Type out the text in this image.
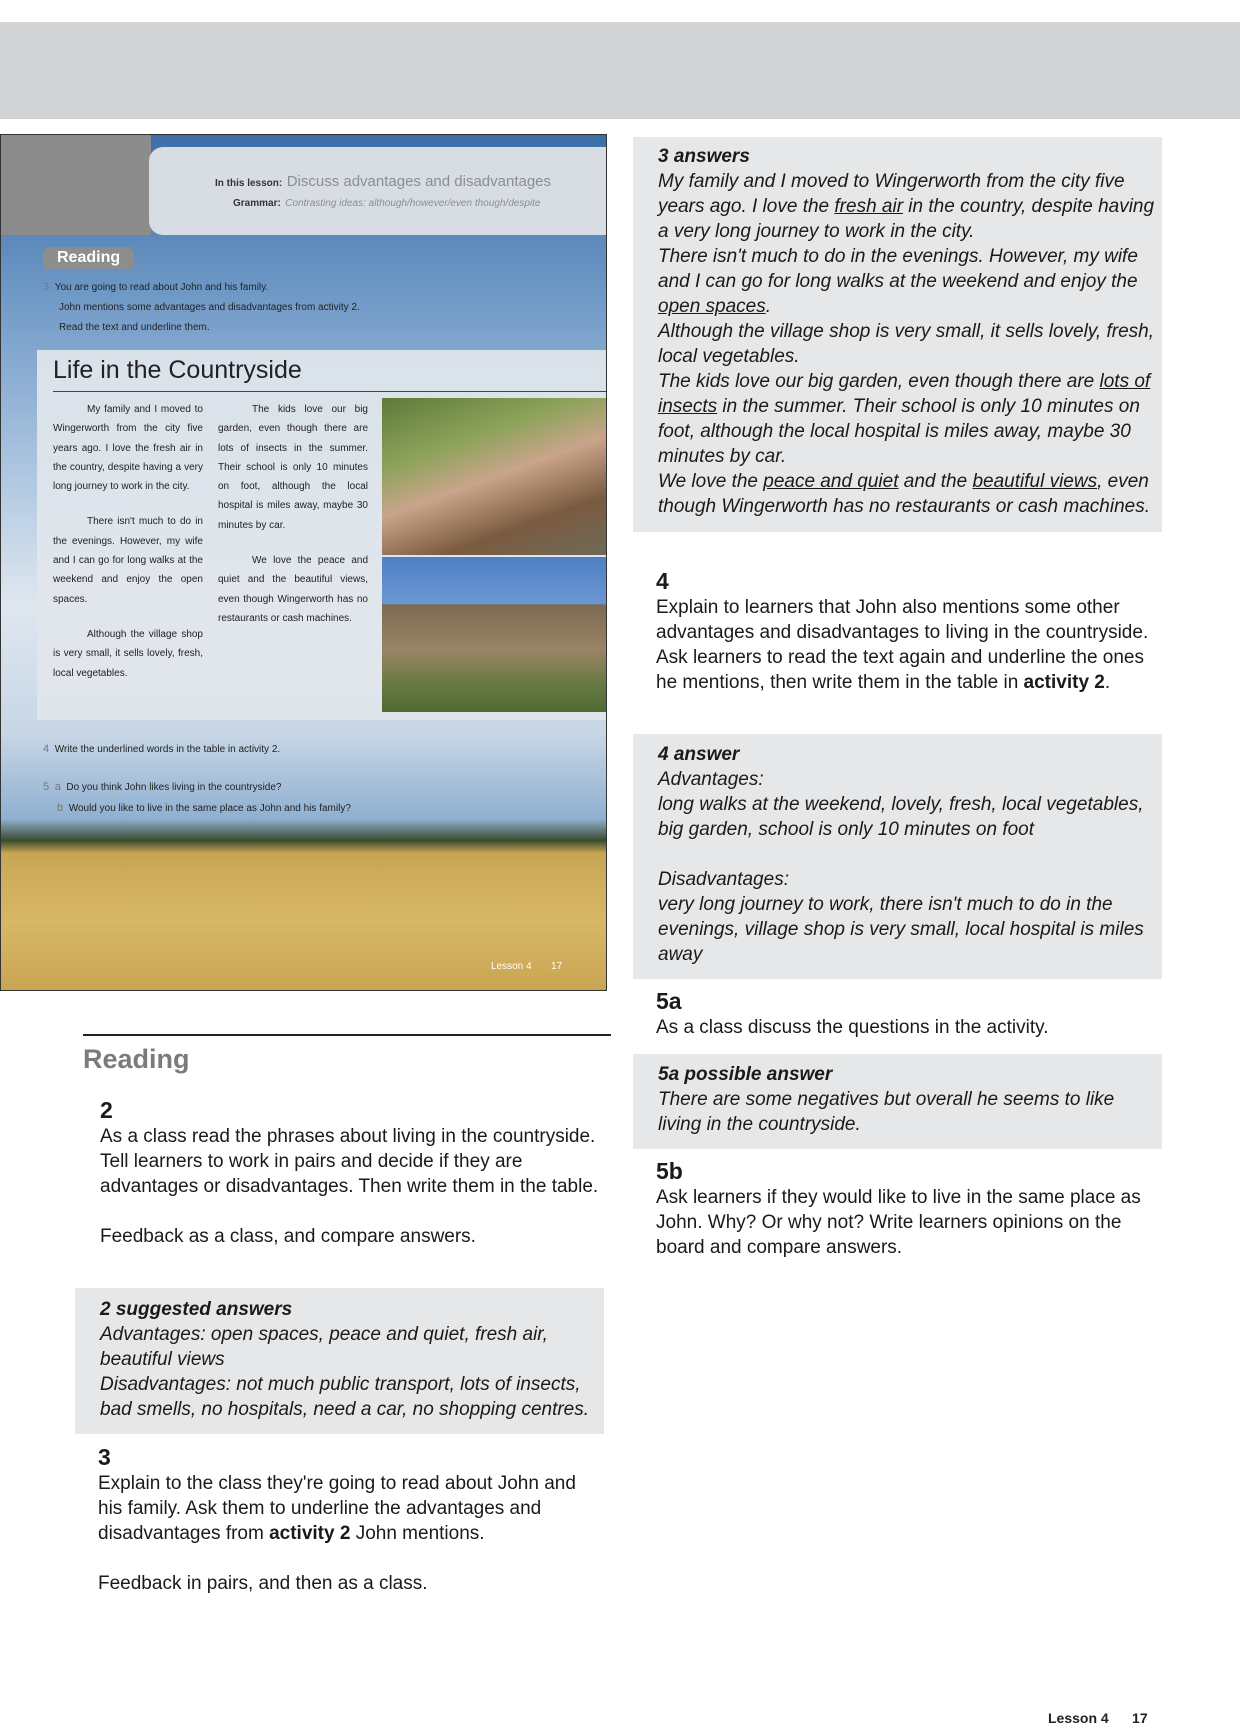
In this lesson: Discuss advantages and disadvantages
Grammar: Contrasting ideas: although/however/even though/despite
Reading
3 You are going to read about John and his family.
John mentions some advantages and disadvantages from activity 2.
Read the text and underline them.
Life in the Countryside

My family and I moved to Wingerworth from the city five years ago. I love the fresh air in the country, despite having a very long journey to work in the city.

There isn't much to do in the evenings. However, my wife and I can go for long walks at the weekend and enjoy the open spaces.

Although the village shop is very small, it sells lovely, fresh, local vegetables.

The kids love our big garden, even though there are lots of insects in the summer. Their school is only 10 minutes on foot, although the local hospital is miles away, maybe 30 minutes by car.

We love the peace and quiet and the beautiful views, even though Wingerworth has no restaurants or cash machines.

4 Write the underlined words in the table in activity 2.
5 a Do you think John likes living in the countryside?
b Would you like to live in the same place as John and his family?
Lesson 4 17
Reading
2

As a class read the phrases about living in the countryside. Tell learners to work in pairs and decide if they are advantages or disadvantages. Then write them in the table.

Feedback as a class, and compare answers.

2 suggested answers

Advantages: open spaces, peace and quiet, fresh air, beautiful views

Disadvantages: not much public transport, lots of insects, bad smells, no hospitals, need a car, no shopping centres.

3

Explain to the class they're going to read about John and his family. Ask them to underline the advantages and disadvantages from activity 2 John mentions.

Feedback in pairs, and then as a class.

3 answers

My family and I moved to Wingerworth from the city five years ago. I love the fresh air in the country, despite having a very long journey to work in the city.

There isn't much to do in the evenings. However, my wife and I can go for long walks at the weekend and enjoy the open spaces.

Although the village shop is very small, it sells lovely, fresh, local vegetables.

The kids love our big garden, even though there are lots of insects in the summer. Their school is only 10 minutes on foot, although the local hospital is miles away, maybe 30 minutes by car.

We love the peace and quiet and the beautiful views, even though Wingerworth has no restaurants or cash machines.

4

Explain to learners that John also mentions some other advantages and disadvantages to living in the countryside. Ask learners to read the text again and underline the ones he mentions, then write them in the table in activity 2.

4 answer

Advantages:

long walks at the weekend, lovely, fresh, local vegetables, big garden, school is only 10 minutes on foot

Disadvantages:

very long journey to work, there isn't much to do in the evenings, village shop is very small, local hospital is miles away

5a

As a class discuss the questions in the activity.

5a possible answer

There are some negatives but overall he seems to like living in the countryside.

5b

Ask learners if they would like to live in the same place as John. Why? Or why not? Write learners opinions on the board and compare answers.

Lesson 4 17
